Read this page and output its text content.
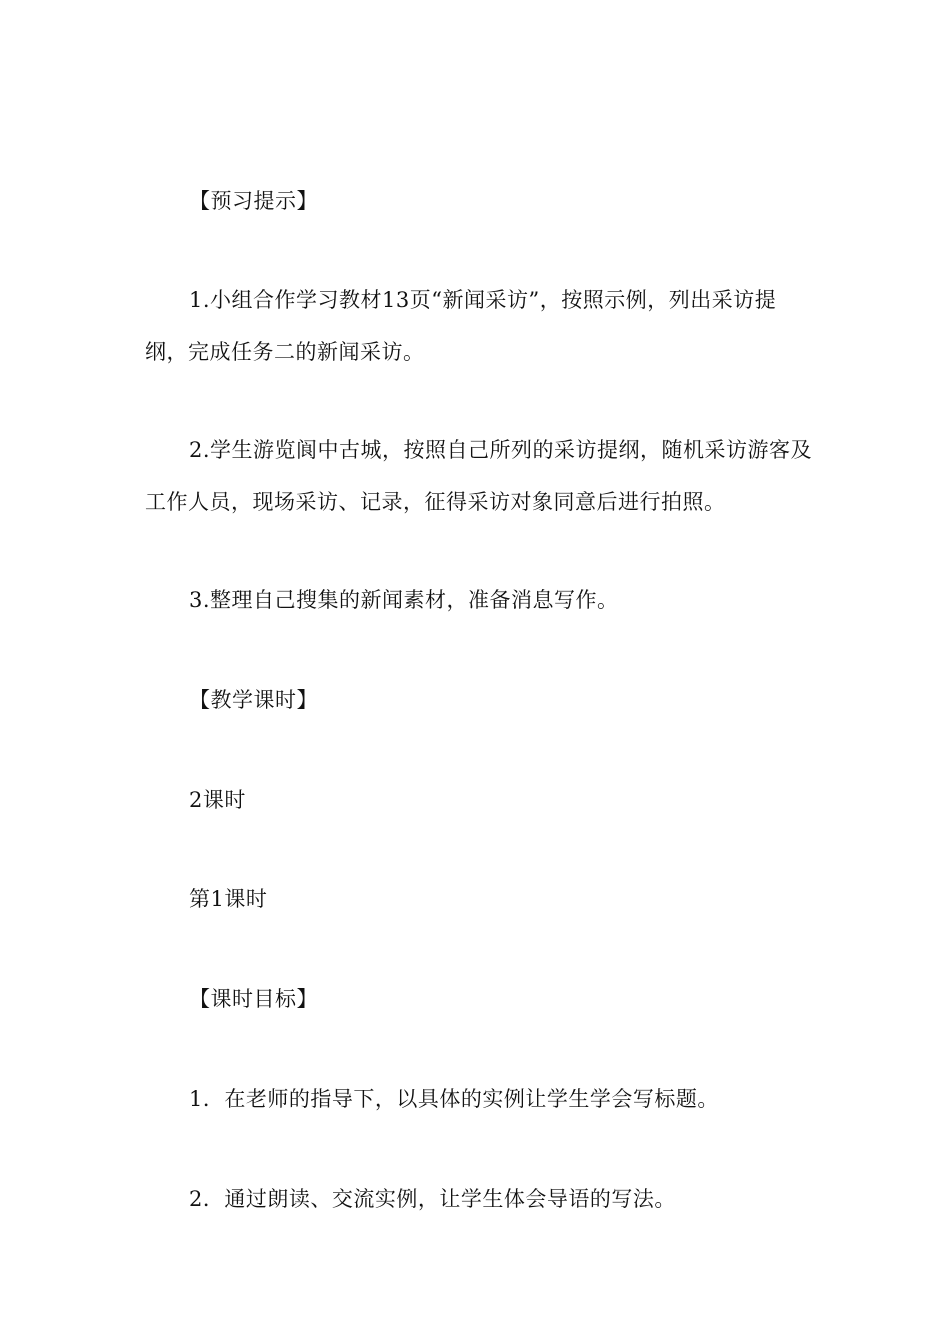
【预习提示】
1.小组合作学习教材13页“新闻采访”，按照示例，列出采访提纲，完成任务二的新闻采访。
2.学生游览阆中古城，按照自己所列的采访提纲，随机采访游客及工作人员，现场采访、记录，征得采访对象同意后进行拍照。
3.整理自己搜集的新闻素材，准备消息写作。
【教学课时】
2课时
第1课时
【课时目标】
1．在老师的指导下，以具体的实例让学生学会写标题。
2．通过朗读、交流实例，让学生体会导语的写法。
